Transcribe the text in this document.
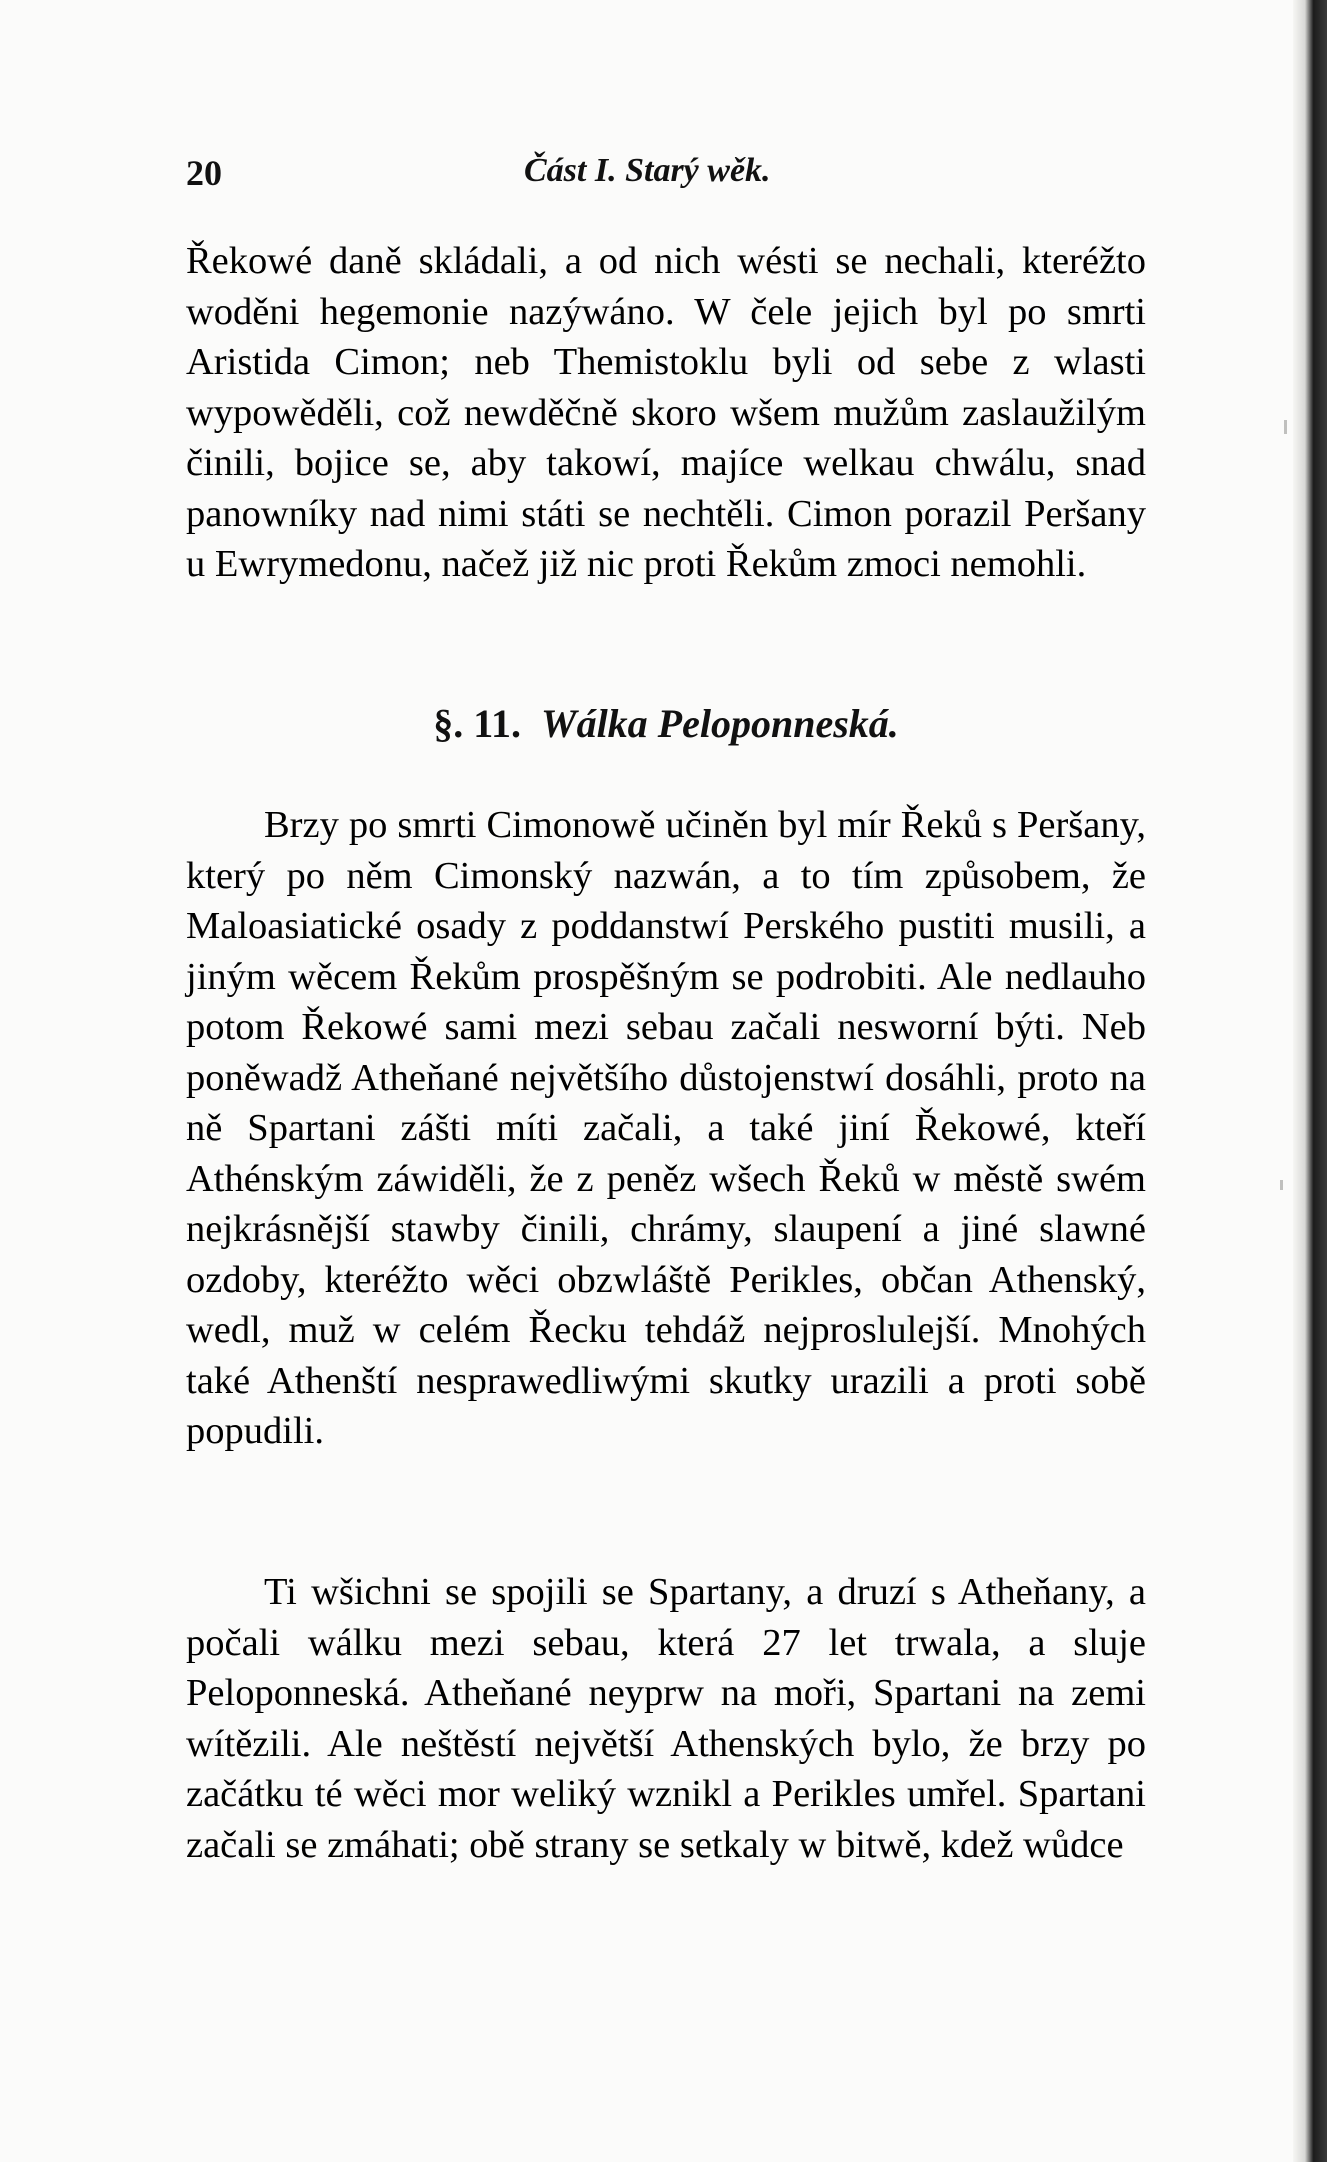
20	Část I. Starý wěk.

Řekowé daně skládali, a od nich wésti se nechali, kteréžto woděni hegemonie nazýwáno. W čele jejich byl po smrti Aristida Cimon; neb Themistoklu byli od sebe z wlasti wypowěděli, což newděčně skoro wšem mužům zaslaužilým činili, bojice se, aby takowí, majíce welkau chwálu, snad panowníky nad nimi státi se nechtěli. Cimon porazil Peršany u Ewrymedonu, načež již nic proti Řekům zmoci nemohli.

§. 11. Wálka Peloponneská.

Brzy po smrti Cimonowě učiněn byl mír Řeků s Peršany, který po něm Cimonský nazwán, a to tím způsobem, že Maloasiatické osady z poddanstwí Perského pustiti musili, a jiným wěcem Řekům prospěšným se podrobiti. Ale nedlauho potom Řekowé sami mezi sebau začali nesworní býti. Neb poněwadž Atheňané největšího důstojenstwí dosáhli, proto na ně Spartani zášti míti začali, a také jiní Řekowé, kteří Athénským záwiděli, že z peněz wšech Řeků w městě swém nejkrásnější stawby činili, chrámy, slaupení a jiné slawné ozdoby, kteréžto wěci obzwláště Perikles, občan Athenský, wedl, muž w celém Řecku tehdáž nejproslulejší. Mnohých také Athenští nesprawedliwými skutky urazili a proti sobě popudili.

Ti wšichni se spojili se Spartany, a druzí s Atheňany, a počali wálku mezi sebau, která 27 let trwala, a sluje Peloponneská. Atheňané neyprw na moři, Spartani na zemi wítězili. Ale neštěstí největší Athenských bylo, že brzy po začátku té wěci mor weliký wznikl a Perikles umřel. Spartani začali se zmáhati; obě strany se setkaly w bitwě, kdež wůdce
